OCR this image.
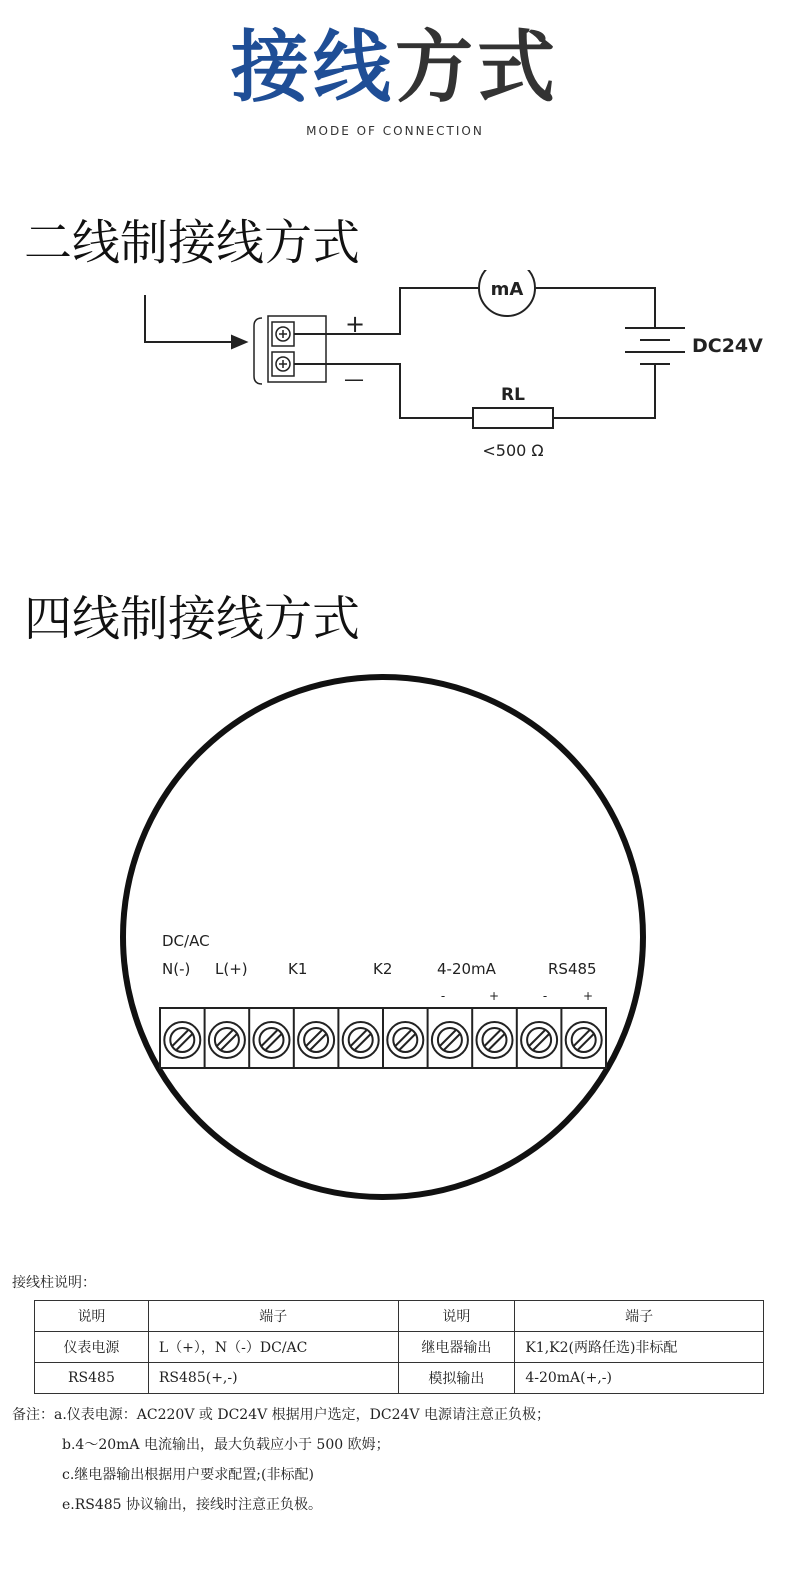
接线方式
MODE OF CONNECTION
二线制接线方式
+
—
mA
DC24V
RL
<500 Ω
四线制接线方式
DC/AC
N(-) L(+)	K1	K2	4-20mA	RS485
-	+	-	+
接线柱说明：
说明	端子	说明	端子
仪表电源	L（+），N（-）DC/AC	继电器输出	K1,K2(两路任选)非标配
RS485	RS485(+,-)	模拟输出	4-20mA(+,-)
备注：a.仪表电源：AC220V 或 DC24V 根据用户选定，DC24V 电源请注意正负极；
b.4～20mA 电流输出，最大负载应小于 500 欧姆；
c.继电器输出根据用户要求配置;(非标配)
e.RS485 协议输出，接线时注意正负极。
